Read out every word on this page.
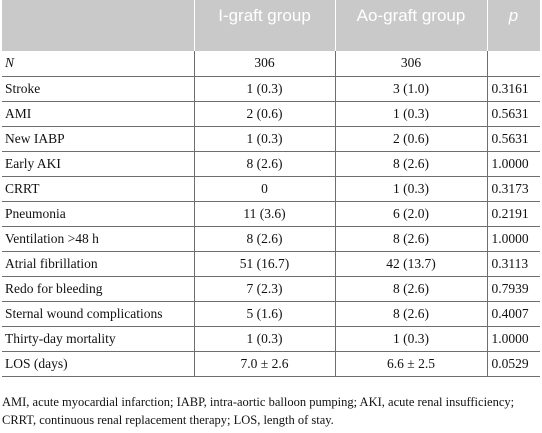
	I-graft group	Ao-graft group	p
N	306	306	
Stroke	1 (0.3)	3 (1.0)	0.3161
AMI	2 (0.6)	1 (0.3)	0.5631
New IABP	1 (0.3)	2 (0.6)	0.5631
Early AKI	8 (2.6)	8 (2.6)	1.0000
CRRT	0	1 (0.3)	0.3173
Pneumonia	11 (3.6)	6 (2.0)	0.2191
Ventilation >48 h	8 (2.6)	8 (2.6)	1.0000
Atrial fibrillation	51 (16.7)	42 (13.7)	0.3113
Redo for bleeding	7 (2.3)	8 (2.6)	0.7939
Sternal wound complications	5 (1.6)	8 (2.6)	0.4007
Thirty-day mortality	1 (0.3)	1 (0.3)	1.0000
LOS (days)	7.0 ± 2.6	6.6 ± 2.5	0.0529
AMI, acute myocardial infarction; IABP, intra-aortic balloon pumping; AKI, acute renal insufficiency; CRRT, continuous renal replacement therapy; LOS, length of stay.
